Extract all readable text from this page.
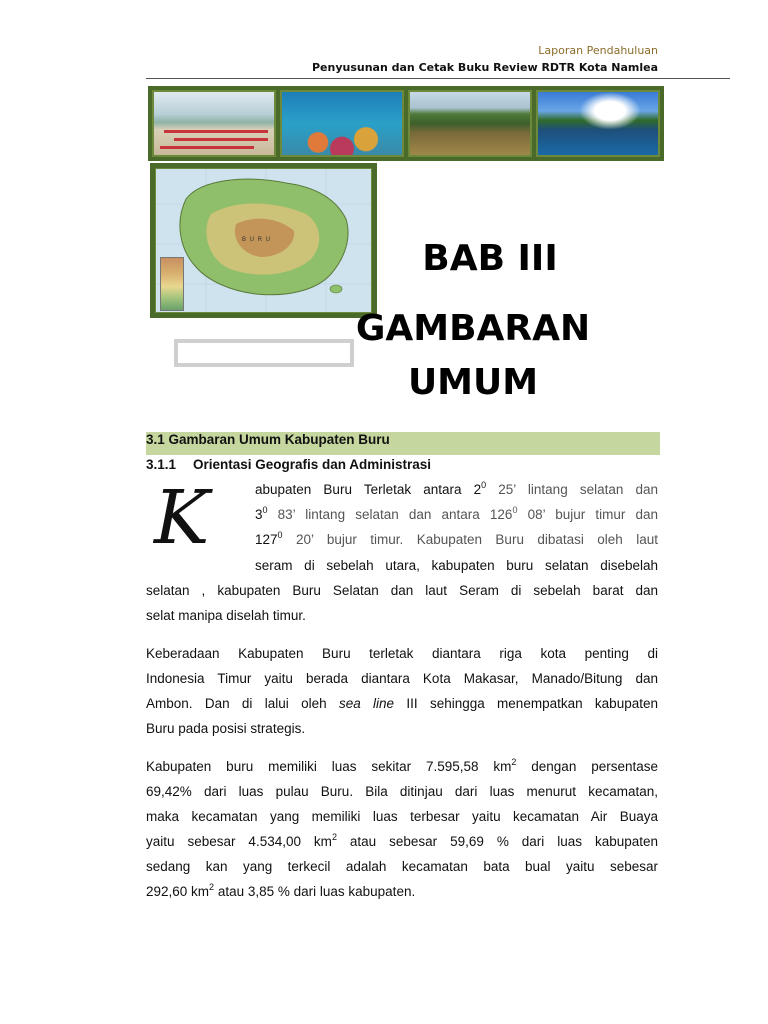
Laporan Pendahuluan
Penyusunan dan Cetak Buku Review RDTR Kota Namlea
B U R U	BAB III
GAMBARAN
UMUM
3.1 Gambaran Umum Kabupaten Buru
3.1.1 Orientasi Geografis dan Administrasi
K	abupaten Buru Terletak antara $2^0$ 25’ lintang selatan dan
$3^0$ 83’ lintang selatan dan antara $126^0$ 08’ bujur timur dan
$127^0$ 20’ bujur timur. Kabupaten Buru dibatasi oleh laut
seram di sebelah utara, kabupaten buru selatan disebelah
selatan , kabupaten Buru Selatan dan laut Seram di sebelah barat dan
selat manipa diselah timur.
Keberadaan Kabupaten Buru terletak diantara riga kota penting di
Indonesia Timur yaitu berada diantara Kota Makasar, Manado/Bitung dan
Ambon. Dan di lalui oleh sea line III sehingga menempatkan kabupaten
Buru pada posisi strategis.
Kabupaten buru memiliki luas sekitar 7.595,58 $km^2$ dengan persentase
69,42% dari luas pulau Buru. Bila ditinjau dari luas menurut kecamatan,
maka kecamatan yang memiliki luas terbesar yaitu kecamatan Air Buaya
yaitu sebesar 4.534,00 $km^2$ atau sebesar 59,69 % dari luas kabupaten
sedang kan yang terkecil adalah kecamatan bata bual yaitu sebesar
292,60 $km^2$ atau 3,85 % dari luas kabupaten.
